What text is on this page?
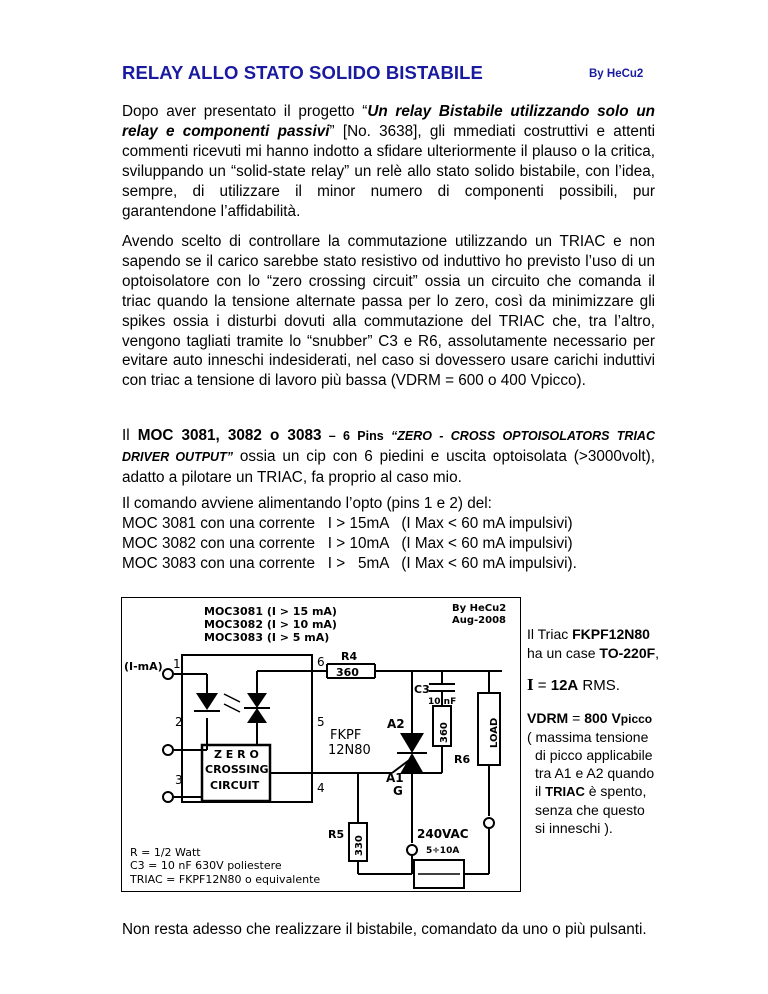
RELAY ALLO STATO SOLIDO BISTABILE	By HeCu2
Dopo aver presentato il progetto “Un relay Bistabile utilizzando solo un relay e componenti passivi” [No. 3638], gli mmediati costruttivi e attenti commenti ricevuti mi hanno indotto a sfidare ulteriormente il plauso o la critica, sviluppando un “solid-state relay” un relè allo stato solido bistabile, con l’idea, sempre, di utilizzare il minor numero di componenti possibili, pur garantendone l’affidabilità.
Avendo scelto di controllare la commutazione utilizzando un TRIAC e non sapendo se il carico sarebbe stato resistivo od induttivo ho previsto l’uso di un optoisolatore con lo “zero crossing circuit” ossia un circuito che comanda il triac quando la tensione alternate passa per lo zero, così da minimizzare gli spikes ossia i disturbi dovuti alla commutazione del TRIAC che, tra l’altro, vengono tagliati tramite lo “snubber” C3 e R6, assolutamente necessario per evitare auto inneschi indesiderati, nel caso si dovessero usare carichi induttivi con triac a tensione di lavoro più bassa (VDRM = 600 o 400 Vpicco).
Il MOC 3081, 3082 o 3083 – 6 Pins “ZERO - CROSS OPTOISOLATORS TRIAC DRIVER OUTPUT” ossia un cip con 6 piedini e uscita optoisolata (>3000volt), adatto a pilotare un TRIAC, fa proprio al caso mio.
Il comando avviene alimentando l’opto (pins 1 e 2) del:
MOC 3081 con una corrente   I > 15mA   (I Max < 60 mA impulsivi)
MOC 3082 con una corrente   I > 10mA   (I Max < 60 mA impulsivi)
MOC 3083 con una corrente   I >   5mA   (I Max < 60 mA impulsivi).
MOC3081 (I > 15 mA)
MOC3082 (I > 10 mA)
MOC3083 (I > 5 mA)
By HeCu2
Aug-2008
(I-mA) 1
2
3
4
5
6
Z E R O
CROSSING
CIRCUIT
R4
360
C3
10 nF
A2
A1
G
R6
R5	240VAC
5÷10A
FKPF
12N80
LOAD
360
330
R = 1/2 Watt
C3 = 10 nF 630V poliestere
TRIAC = FKPF12N80 o equivalente
Il Triac FKPF12N80
ha un case TO-220F,
I = 12A RMS.
VDRM = 800 Vpicco
( massima tensione
di picco applicabile
tra A1 e A2 quando
il TRIAC è spento,
senza che questo
si inneschi ).
Non resta adesso che realizzare il bistabile, comandato da uno o più pulsanti.
